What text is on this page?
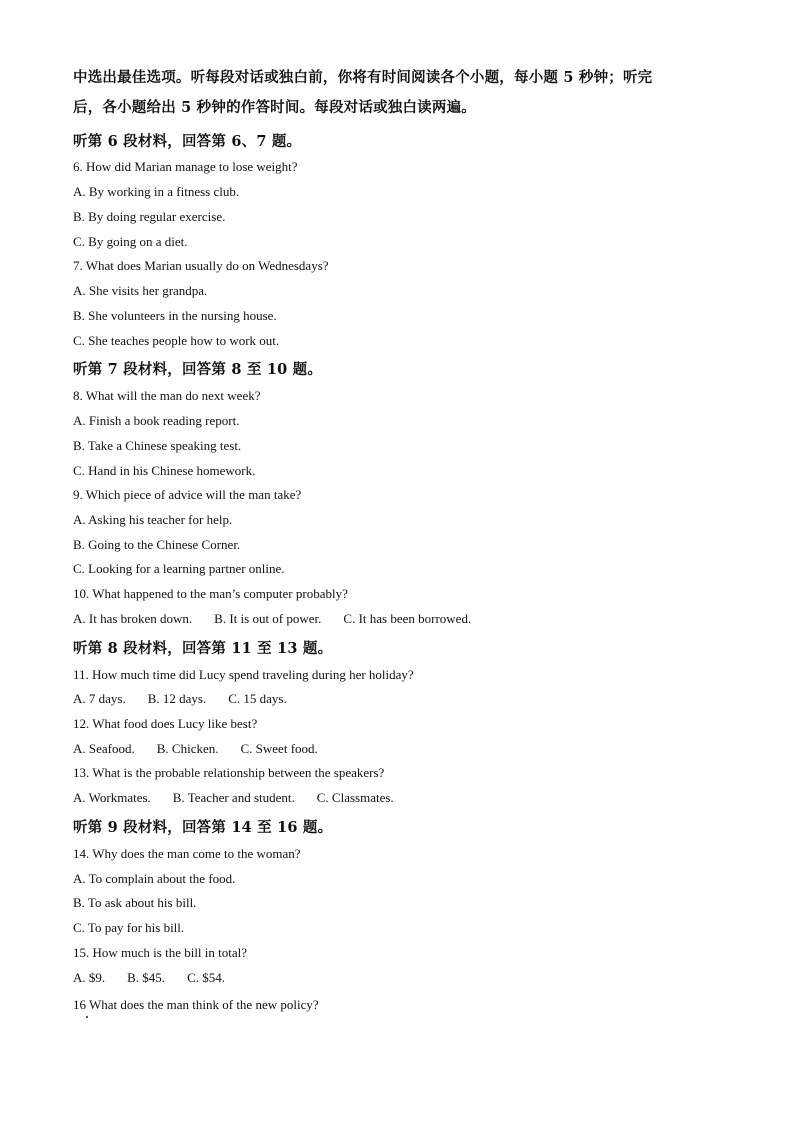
中选出最佳选项。听每段对话或独白前，你将有时间阅读各个小题，每小题 5 秒钟；听完
后，各小题给出 5 秒钟的作答时间。每段对话或独白读两遍。
听第 6 段材料，回答第 6、7 题。
6. How did Marian manage to lose weight?
A. By working in a fitness club.
B. By doing regular exercise.
C. By going on a diet.
7. What does Marian usually do on Wednesdays?
A. She visits her grandpa.
B. She volunteers in the nursing house.
C. She teaches people how to work out.
听第 7 段材料，回答第 8 至 10 题。
8. What will the man do next week?
A. Finish a book reading report.
B. Take a Chinese speaking test.
C. Hand in his Chinese homework.
9. Which piece of advice will the man take?
A. Asking his teacher for help.
B. Going to the Chinese Corner.
C. Looking for a learning partner online.
10. What happened to the man’s computer probably?
A. It has broken down. B. It is out of power. C. It has been borrowed.
听第 8 段材料，回答第 11 至 13 题。
11. How much time did Lucy spend traveling during her holiday?
A. 7 days. B. 12 days. C. 15 days.
12. What food does Lucy like best?
A. Seafood. B. Chicken. C. Sweet food.
13. What is the probable relationship between the speakers?
A. Workmates. B. Teacher and student. C. Classmates.
听第 9 段材料，回答第 14 至 16 题。
14. Why does the man come to the woman?
A. To complain about the food.
B. To ask about his bill.
C. To pay for his bill.
15. How much is the bill in total?
A. $9. B. $45. C. $54.
16 What does the man think of the new policy?
